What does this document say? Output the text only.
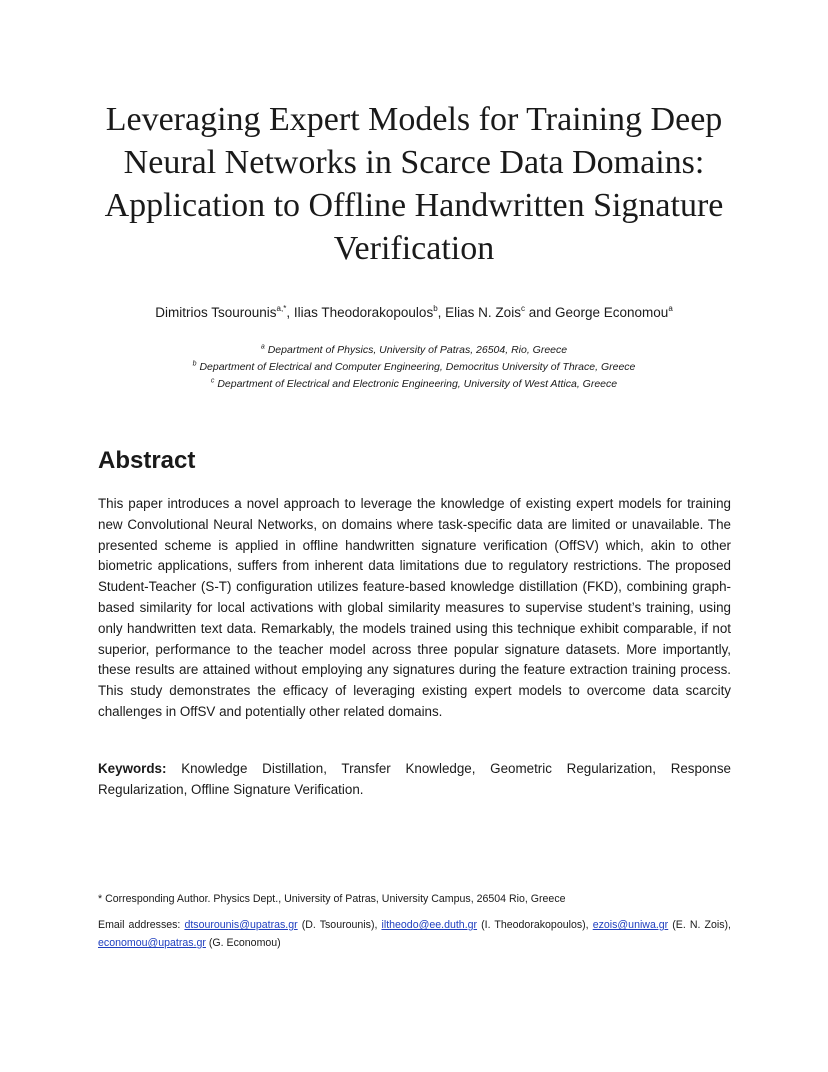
Leveraging Expert Models for Training Deep
Neural Networks in Scarce Data Domains:
Application to Offline Handwritten Signature
Verification
Dimitrios Tsourounis$^{a,*}$, Ilias Theodorakopoulos$^b$, Elias N. Zois$^c$ and George Economou$^a$
$^a$ Department of Physics, University of Patras, 26504, Rio, Greece
$^b$ Department of Electrical and Computer Engineering, Democritus University of Thrace, Greece
$^c$ Department of Electrical and Electronic Engineering, University of West Attica, Greece
Abstract
This paper introduces a novel approach to leverage the knowledge of existing expert models for training new Convolutional Neural Networks, on domains where task-specific data are limited or unavailable. The presented scheme is applied in offline handwritten signature verification (OffSV) which, akin to other biometric applications, suffers from inherent data limitations due to regulatory restrictions. The proposed Student-Teacher (S-T) configuration utilizes feature-based knowledge distillation (FKD), combining graph-based similarity for local activations with global similarity measures to supervise student’s training, using only handwritten text data. Remarkably, the models trained using this technique exhibit comparable, if not superior, performance to the teacher model across three popular signature datasets. More importantly, these results are attained without employing any signatures during the feature extraction training process. This study demonstrates the efficacy of leveraging existing expert models to overcome data scarcity challenges in OffSV and potentially other related domains.
Keywords: Knowledge Distillation, Transfer Knowledge, Geometric Regularization, Response Regularization, Offline Signature Verification.
* Corresponding Author. Physics Dept., University of Patras, University Campus, 26504 Rio, Greece
Email addresses: dtsourounis@upatras.gr (D. Tsourounis), iltheodo@ee.duth.gr (I. Theodorakopoulos), ezois@uniwa.gr (E. N. Zois), economou@upatras.gr (G. Economou)
